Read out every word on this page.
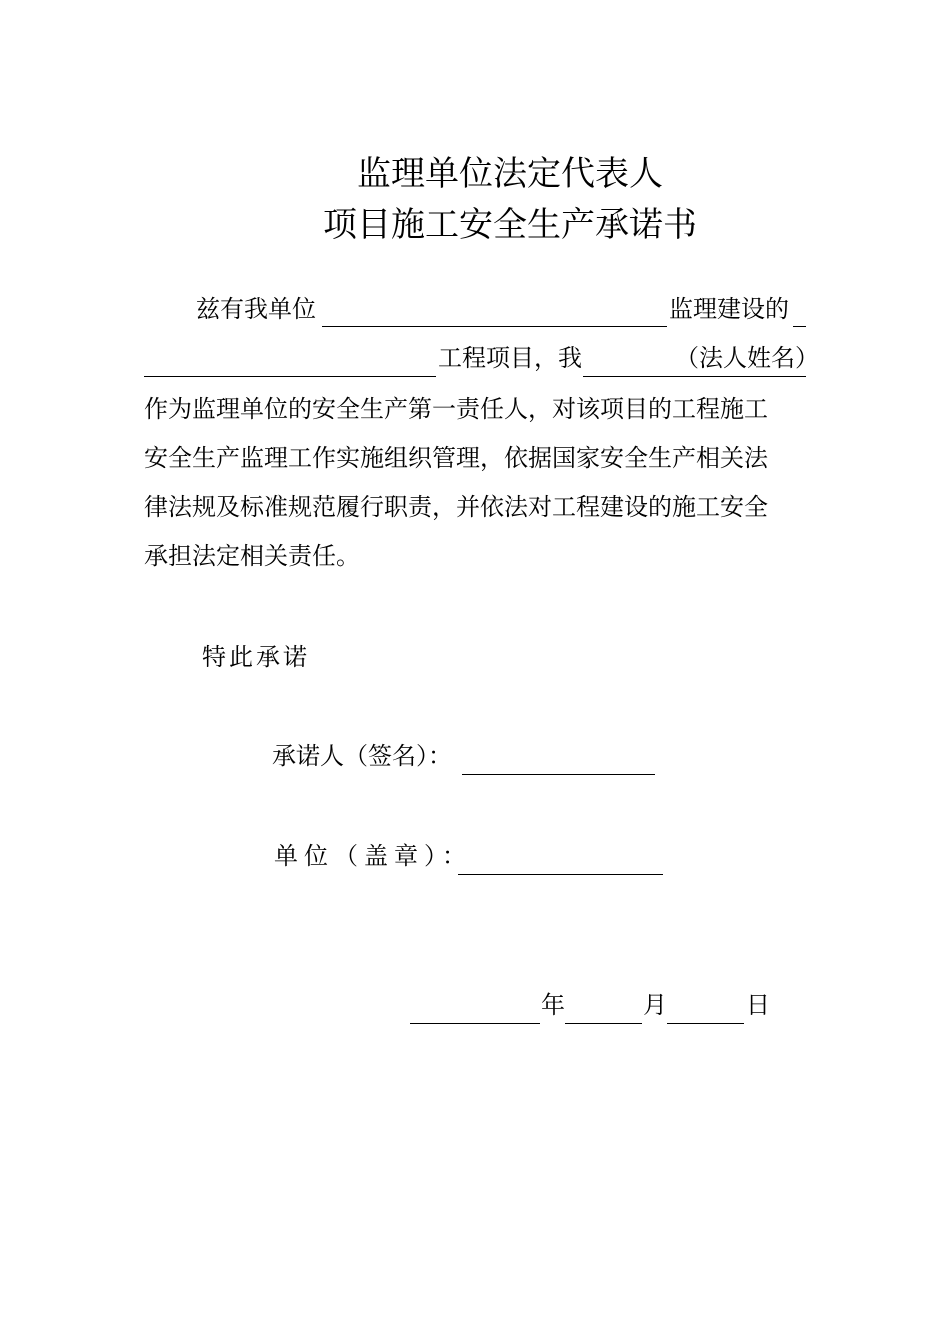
监理单位法定代表人
项目施工安全生产承诺书
兹有我单位	监理建设的
工程项目，我	（法人姓名）
作为监理单位的安全生产第一责任人，对该项目的工程施工
安全生产监理工作实施组织管理，依据国家安全生产相关法
律法规及标准规范履行职责，并依法对工程建设的施工安全
承担法定相关责任。
特此承诺
承诺人（签名）：
单位（盖章）：
年	月	日
